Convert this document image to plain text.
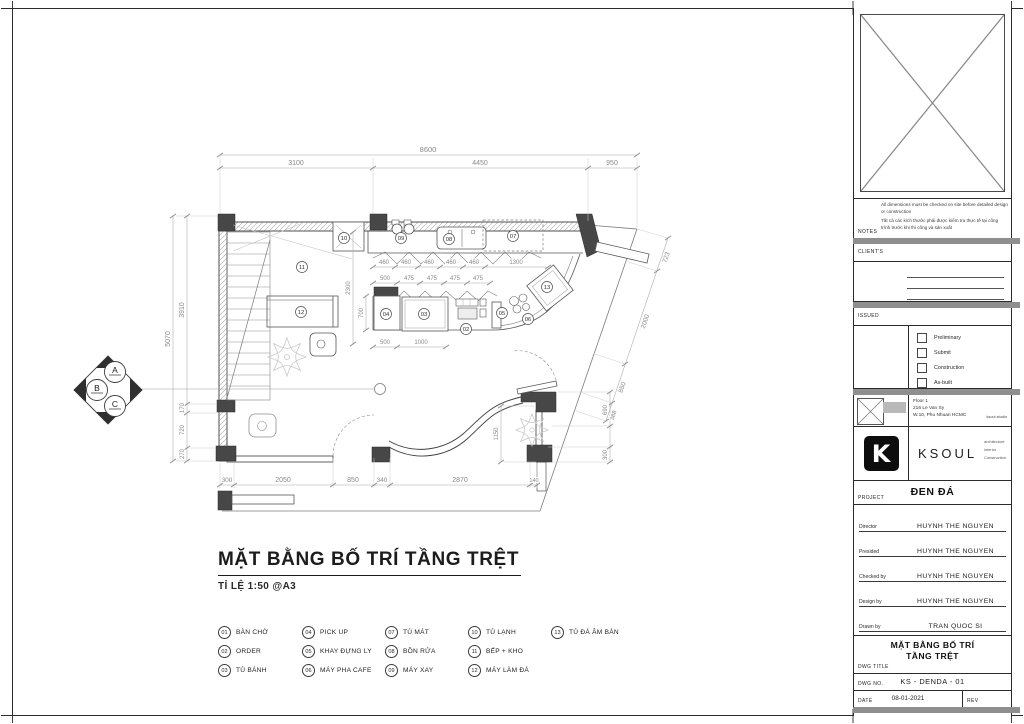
A
B
C
8600
3100	4450	950
5070
3910
170
720
270
300	2050	850	340	2870	140
723
2000
850
388
690
300
460 460 460 460 460	1300
500 475 475 475 475
500	1000
2300
700
1150
10	09	08	07
11
12	04	03
02
05
06
13
MẶT BẰNG BỐ TRÍ TẦNG TRỆT
TỈ LỆ 1:50 @A3
01	BÀN CHỜ
02	ORDER
03	TỦ BÁNH
04	PICK UP
05	KHAY ĐỰNG LY
06	MÁY PHA CAFE
07	TỦ MÁT
08	BỒN RỬA
09	MÁY XAY
10	TỦ LẠNH
11	BẾP + KHO
12	MÁY LÀM ĐÁ
13	TỦ ĐÁ ÂM BÀN
NOTES

All dimensions must be checked on site before detailed design or construction

Tất cả các kích thước phải được kiểm tra thực tế tại công trình trước khi thi công và sản xuất

CLIENT'S
ISSUED
Preliminary
Submit
Construction
As-built
Floor 1
216 Le Van Sy
W.10, Phu Nhuan HCMC	ksoul studio
K	KSOUL
architecture
interior
Construction
PROJECT	ĐEN ĐÁ
Director	HUYNH THE NGUYEN
Presided	HUYNH THE NGUYEN
Checked by	HUYNH THE NGUYEN
Design by	HUYNH THE NGUYEN
Drawn by	TRAN QUOC SI
DWG TITLE
MẶT BẰNG BỐ TRÍ
TẦNG TRỆT
DWG NO.	KS - DENDA - 01
DATE	08-01-2021	REV
